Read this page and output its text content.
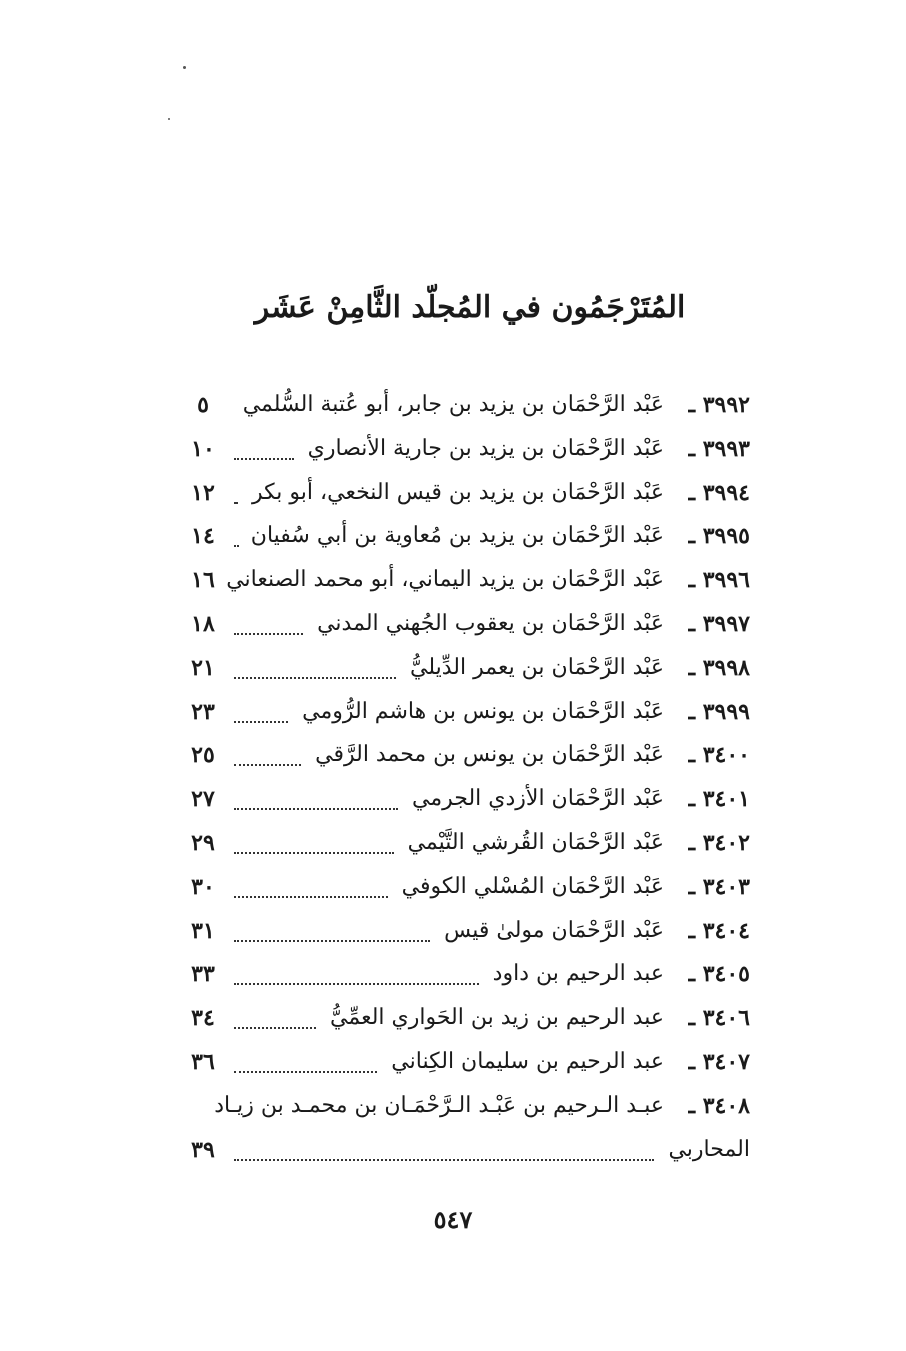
المُتَرْجَمُون في المُجلّد الثَّامِنْ عَشَر
٣٩٩٢ ـ
عَبْد الرَّحْمَان بن يزيد بن جابر، أبو عُتبة السُّلمي
٥
٣٩٩٣ ـ
عَبْد الرَّحْمَان بن يزيد بن جارية الأنصاري
١٠
٣٩٩٤ ـ
عَبْد الرَّحْمَان بن يزيد بن قيس النخعي، أبو بكر
١٢
٣٩٩٥ ـ
عَبْد الرَّحْمَان بن يزيد بن مُعاوية بن أبي سُفيان
١٤
٣٩٩٦ ـ
عَبْد الرَّحْمَان بن يزيد اليماني، أبو محمد الصنعاني
١٦
٣٩٩٧ ـ
عَبْد الرَّحْمَان بن يعقوب الجُهني المدني
١٨
٣٩٩٨ ـ
عَبْد الرَّحْمَان بن يعمر الدِّيليُّ
٢١
٣٩٩٩ ـ
عَبْد الرَّحْمَان بن يونس بن هاشم الرُّومي
٢٣
٣٤٠٠ ـ
عَبْد الرَّحْمَان بن يونس بن محمد الرَّقي
٢٥
٣٤٠١ ـ
عَبْد الرَّحْمَان الأزدي الجرمي
٢٧
٣٤٠٢ ـ
عَبْد الرَّحْمَان القُرشي التَّيْمي
٢٩
٣٤٠٣ ـ
عَبْد الرَّحْمَان المُسْلي الكوفي
٣٠
٣٤٠٤ ـ
عَبْد الرَّحْمَان مولىٰ قيس
٣١
٣٤٠٥ ـ
عبد الرحيم بن داود
٣٣
٣٤٠٦ ـ
عبد الرحيم بن زيد بن الحَواري العمِّيُّ
٣٤
٣٤٠٧ ـ
عبد الرحيم بن سليمان الكِناني
٣٦
٣٤٠٨ ـ
عبـد الـرحيم بن عَبْـد الـرَّحْمَـان بن محمـد بن زيـاد
المحاربي
٣٩
٥٤٧
